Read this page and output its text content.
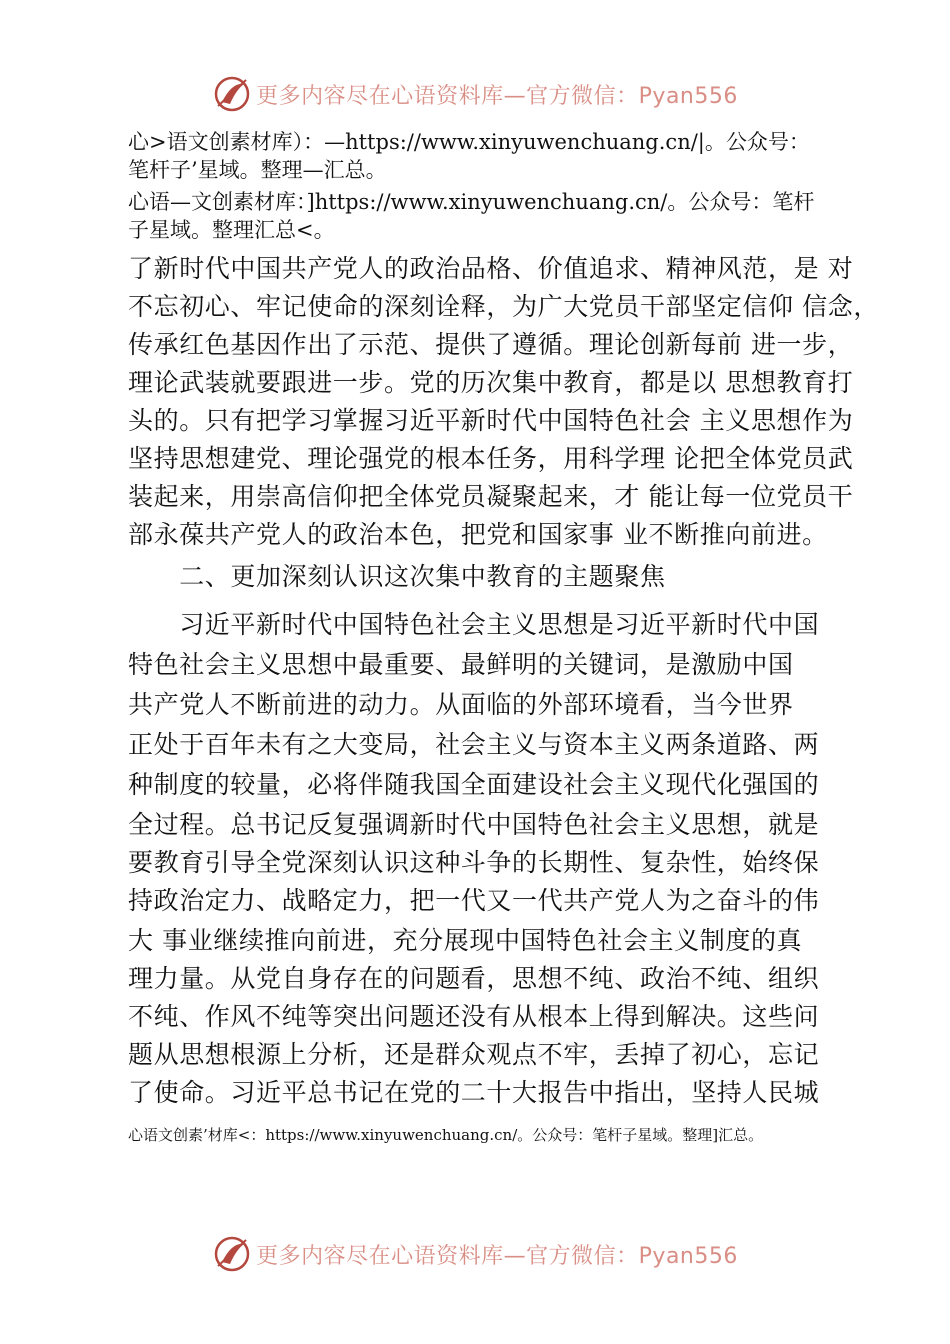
更多内容尽在心语资料库—官方微信：Pyan556
心>语文创素材库）：—https://www.xinyuwenchuang.cn/|。公众号：笔杆子’星域。整理—汇总。
心语—文创素材库：]https://www.xinyuwenchuang.cn/。公众号：笔杆子星域。整理汇总<。
了新时代中国共产党人的政治品格、价值追求、精神风范，是 对
不忘初心、牢记使命的深刻诠释，为广大党员干部坚定信仰 信念，
传承红色基因作出了示范、提供了遵循。理论创新每前 进一步，
理论武装就要跟进一步。党的历次集中教育，都是以 思想教育打
头的。只有把学习掌握习近平新时代中国特色社会 主义思想作为
坚持思想建党、理论强党的根本任务，用科学理 论把全体党员武
装起来，用崇高信仰把全体党员凝聚起来，才 能让每一位党员干
部永葆共产党人的政治本色，把党和国家事 业不断推向前进。
　　二、更加深刻认识这次集中教育的主题聚焦
　　习近平新时代中国特色社会主义思想是习近平新时代中国
特色社会主义思想中最重要、最鲜明的关键词，是激励中国
共产党人不断前进的动力。从面临的外部环境看，当今世界
正处于百年未有之大变局，社会主义与资本主义两条道路、两
种制度的较量，必将伴随我国全面建设社会主义现代化强国的
全过程。总书记反复强调新时代中国特色社会主义思想，就是
要教育引导全党深刻认识这种斗争的长期性、复杂性，始终保
持政治定力、战略定力，把一代又一代共产党人为之奋斗的伟
大 事业继续推向前进，充分展现中国特色社会主义制度的真
理力量。从党自身存在的问题看，思想不纯、政治不纯、组织
不纯、作风不纯等突出问题还没有从根本上得到解决。这些问
题从思想根源上分析，还是群众观点不牢，丢掉了初心，忘记
了使命。习近平总书记在党的二十大报告中指出，坚持人民城
心语文创素’材库<：https://www.xinyuwenchuang.cn/。公众号：笔杆子星域。整理]汇总。
更多内容尽在心语资料库—官方微信：Pyan556
